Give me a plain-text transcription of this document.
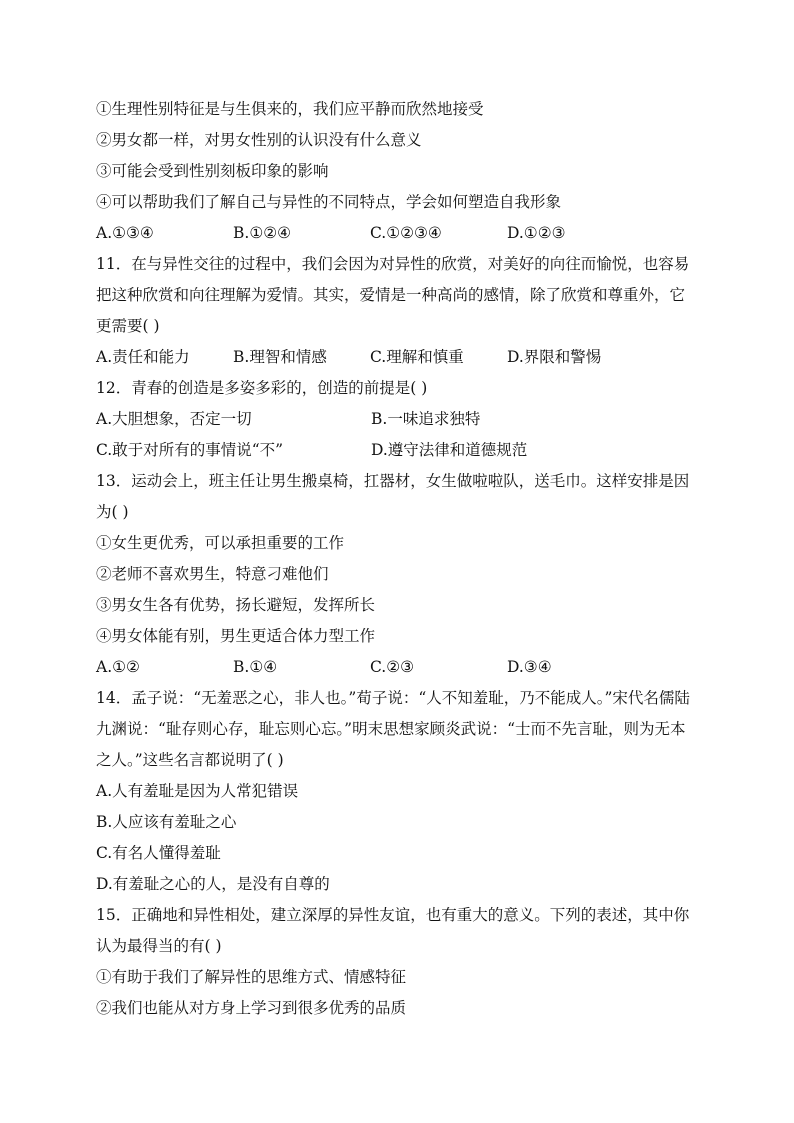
①生理性别特征是与生俱来的，我们应平静而欣然地接受
②男女都一样，对男女性别的认识没有什么意义
③可能会受到性别刻板印象的影响
④可以帮助我们了解自己与异性的不同特点，学会如何塑造自我形象
A.①③④	B.①②④	C.①②③④	D.①②③
11．在与异性交往的过程中，我们会因为对异性的欣赏，对美好的向往而愉悦，也容易把这种欣赏和向往理解为爱情。其实，爱情是一种高尚的感情，除了欣赏和尊重外，它更需要( )
A.责任和能力	B.理智和情感	C.理解和慎重	D.界限和警惕
12．青春的创造是多姿多彩的，创造的前提是( )
A.大胆想象，否定一切	B.一味追求独特
C.敢于对所有的事情说“不”	D.遵守法律和道德规范
13．运动会上，班主任让男生搬桌椅，扛器材，女生做啦啦队，送毛巾。这样安排是因为( )
①女生更优秀，可以承担重要的工作
②老师不喜欢男生，特意刁难他们
③男女生各有优势，扬长避短，发挥所长
④男女体能有别，男生更适合体力型工作
A.①②	B.①④	C.②③	D.③④
14．孟子说：“无羞恶之心，非人也。”荀子说：“人不知羞耻，乃不能成人。”宋代名儒陆九渊说：“耻存则心存，耻忘则心忘。”明末思想家顾炎武说：“士而不先言耻，则为无本之人。”这些名言都说明了( )
A.人有羞耻是因为人常犯错误
B.人应该有羞耻之心
C.有名人懂得羞耻
D.有羞耻之心的人，是没有自尊的
15．正确地和异性相处，建立深厚的异性友谊，也有重大的意义。下列的表述，其中你认为最得当的有( )
①有助于我们了解异性的思维方式、情感特征
②我们也能从对方身上学习到很多优秀的品质
